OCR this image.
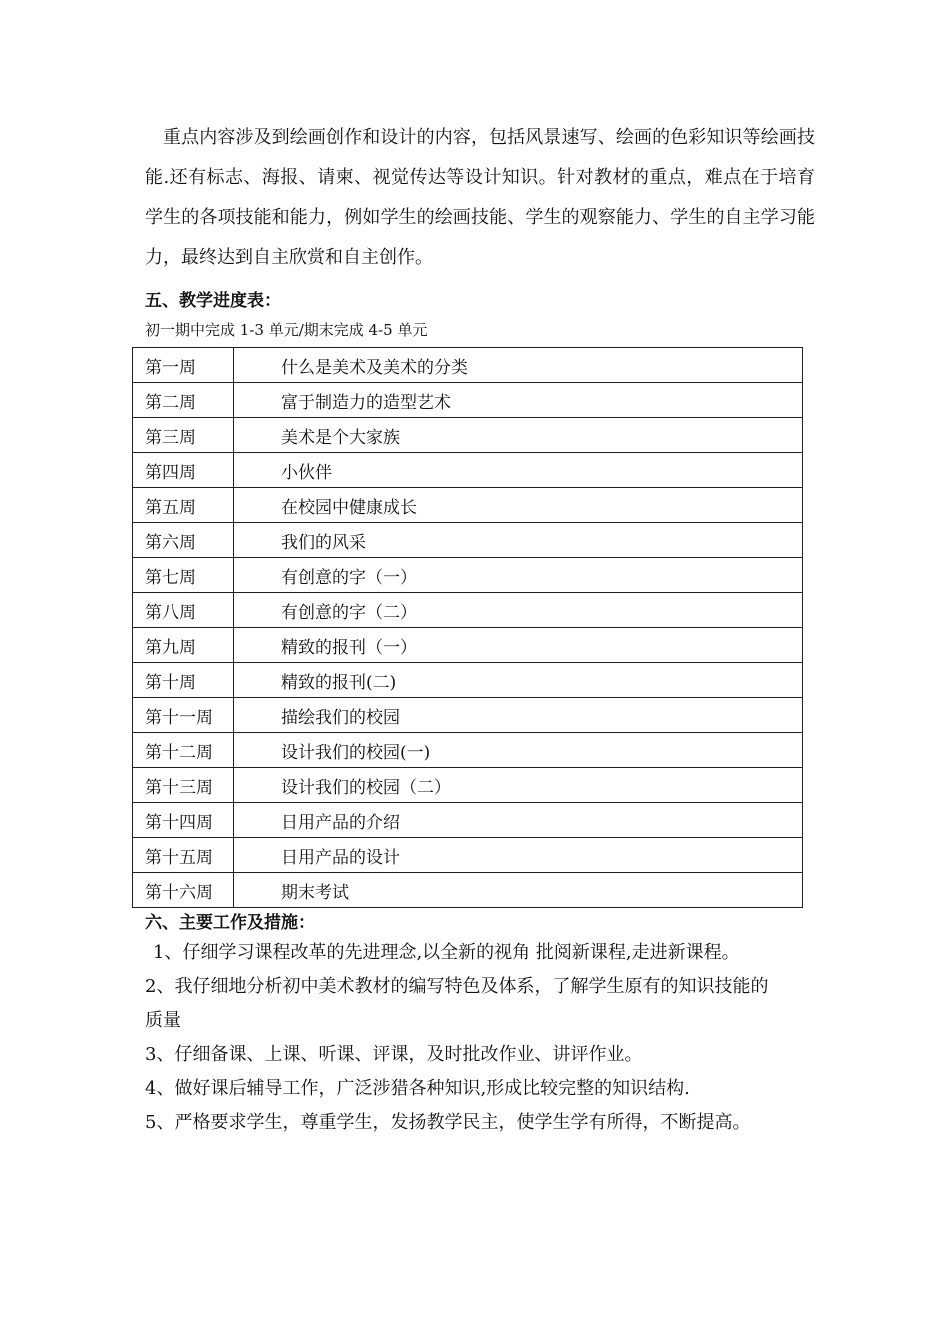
重点内容涉及到绘画创作和设计的内容，包括风景速写、绘画的色彩知识等绘画技能.还有标志、海报、请柬、视觉传达等设计知识。针对教材的重点，难点在于培育学生的各项技能和能力，例如学生的绘画技能、学生的观察能力、学生的自主学习能力，最终达到自主欣赏和自主创作。

五、教学进度表：
初一期中完成 1-3 单元/期末完成 4-5 单元
第一周	什么是美术及美术的分类
第二周	富于制造力的造型艺术
第三周	美术是个大家族
第四周	小伙伴
第五周	在校园中健康成长
第六周	我们的风采
第七周	有创意的字（一）
第八周	有创意的字（二）
第九周	精致的报刊（一）
第十周	精致的报刊(二)
第十一周	描绘我们的校园
第十二周	设计我们的校园(一)
第十三周	设计我们的校园（二）
第十四周	日用产品的介绍
第十五周	日用产品的设计
第十六周	期末考试
六、主要工作及措施：
1、仔细学习课程改革的先进理念,以全新的视角 批阅新课程,走进新课程。
2、我仔细地分析初中美术教材的编写特色及体系，了解学生原有的知识技能的
质量
3、仔细备课、上课、听课、评课，及时批改作业、讲评作业。
4、做好课后辅导工作，广泛涉猎各种知识,形成比较完整的知识结构.
5、严格要求学生，尊重学生，发扬教学民主，使学生学有所得，不断提高。
